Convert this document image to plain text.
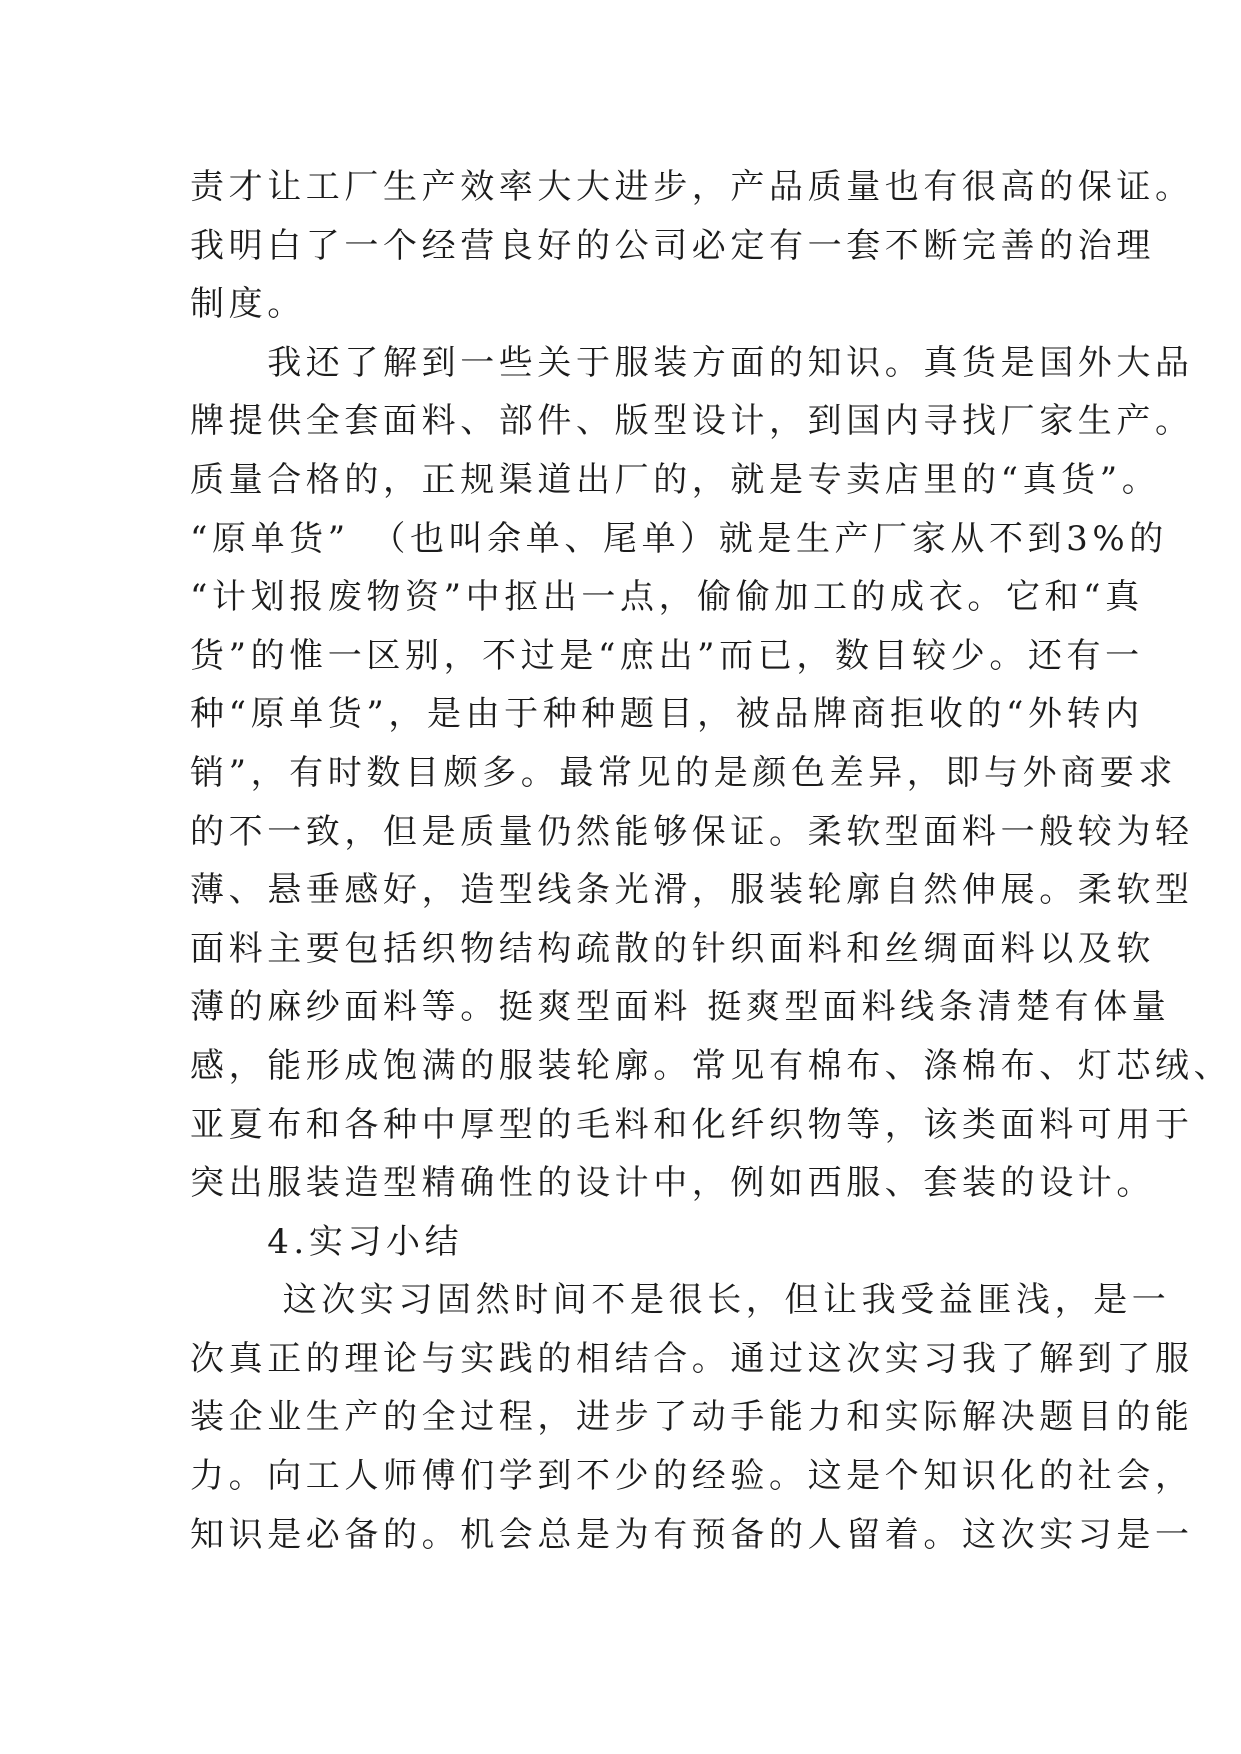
责才让工厂生产效率大大进步，产品质量也有很高的保证。
我明白了一个经营良好的公司必定有一套不断完善的治理
制度。
　　我还了解到一些关于服装方面的知识。真货是国外大品
牌提供全套面料、部件、版型设计，到国内寻找厂家生产。
质量合格的，正规渠道出厂的，就是专卖店里的“真货”。
“原单货”　（也叫余单、尾单）就是生产厂家从不到3%的
“计划报废物资”中抠出一点，偷偷加工的成衣。它和“真
货”的惟一区别，不过是“庶出”而已，数目较少。还有一
种“原单货”，是由于种种题目，被品牌商拒收的“外转内
销”，有时数目颇多。最常见的是颜色差异，即与外商要求
的不一致，但是质量仍然能够保证。柔软型面料一般较为轻
薄、悬垂感好，造型线条光滑，服装轮廓自然伸展。柔软型
面料主要包括织物结构疏散的针织面料和丝绸面料以及软
薄的麻纱面料等。挺爽型面料 挺爽型面料线条清楚有体量
感，能形成饱满的服装轮廓。常见有棉布、涤棉布、灯芯绒、
亚夏布和各种中厚型的毛料和化纤织物等，该类面料可用于
突出服装造型精确性的设计中，例如西服、套装的设计。
　　4.实习小结
　　 这次实习固然时间不是很长，但让我受益匪浅，是一
次真正的理论与实践的相结合。通过这次实习我了解到了服
装企业生产的全过程，进步了动手能力和实际解决题目的能
力。向工人师傅们学到不少的经验。这是个知识化的社会，
知识是必备的。机会总是为有预备的人留着。这次实习是一
